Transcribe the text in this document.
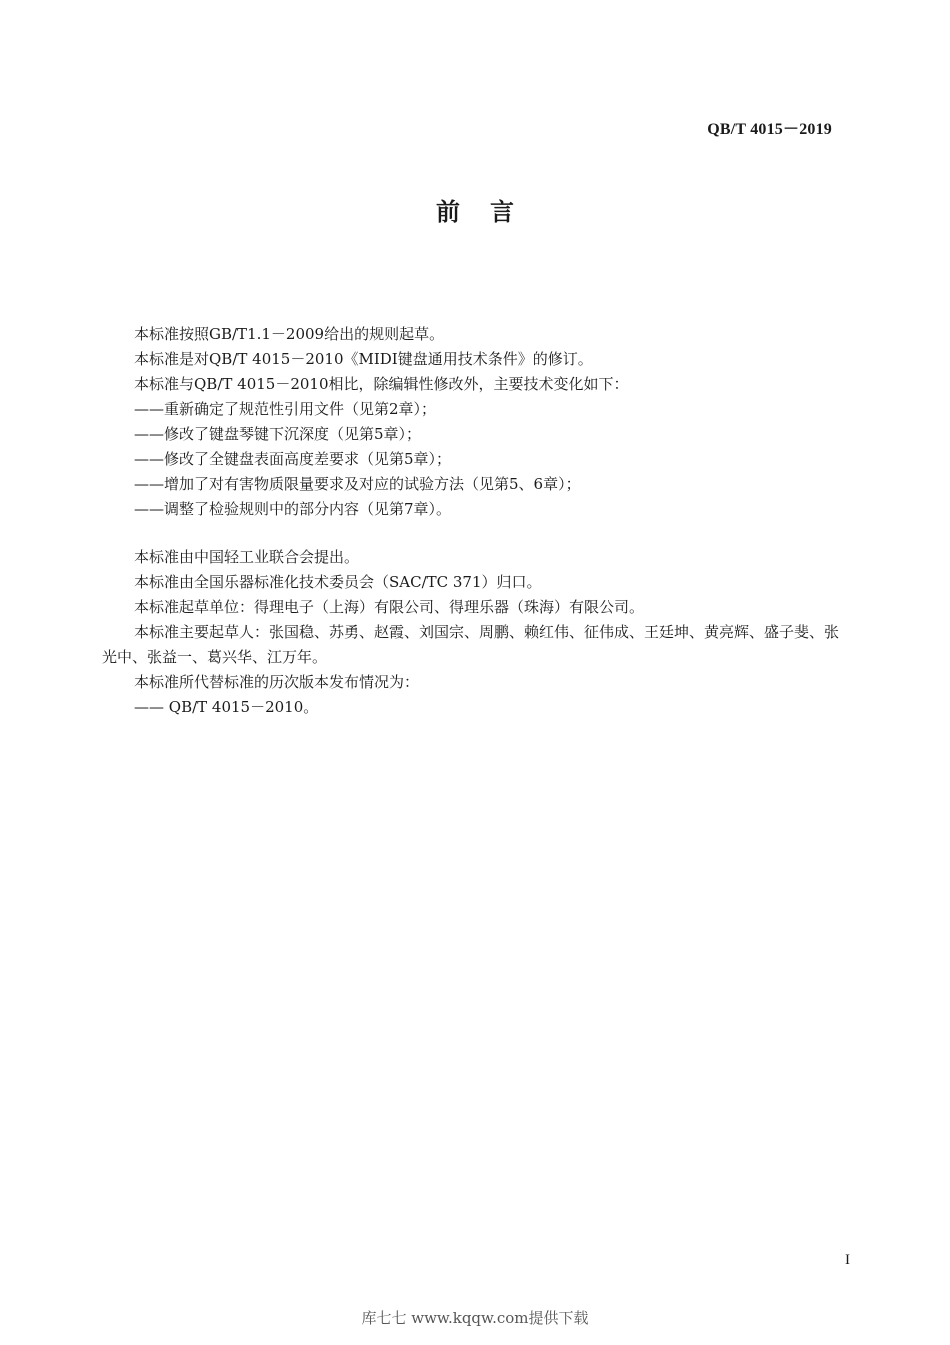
QB/T 4015－2019
前言
本标准按照GB/T1.1－2009给出的规则起草。
本标准是对QB/T 4015－2010《MIDI键盘通用技术条件》的修订。
本标准与QB/T 4015－2010相比，除编辑性修改外，主要技术变化如下：
——重新确定了规范性引用文件（见第2章）；
——修改了键盘琴键下沉深度（见第5章）；
——修改了全键盘表面高度差要求（见第5章）；
——增加了对有害物质限量要求及对应的试验方法（见第5、6章）；
——调整了检验规则中的部分内容（见第7章）。
本标准由中国轻工业联合会提出。
本标准由全国乐器标准化技术委员会（SAC/TC 371）归口。
本标准起草单位：得理电子（上海）有限公司、得理乐器（珠海）有限公司。
本标准主要起草人：张国稳、苏勇、赵霞、刘国宗、周鹏、赖红伟、征伟成、王廷坤、黄亮辉、盛子斐、张光中、张益一、葛兴华、江万年。
本标准所代替标准的历次版本发布情况为：
—— QB/T 4015－2010。
I
库七七 www.kqqw.com提供下载
